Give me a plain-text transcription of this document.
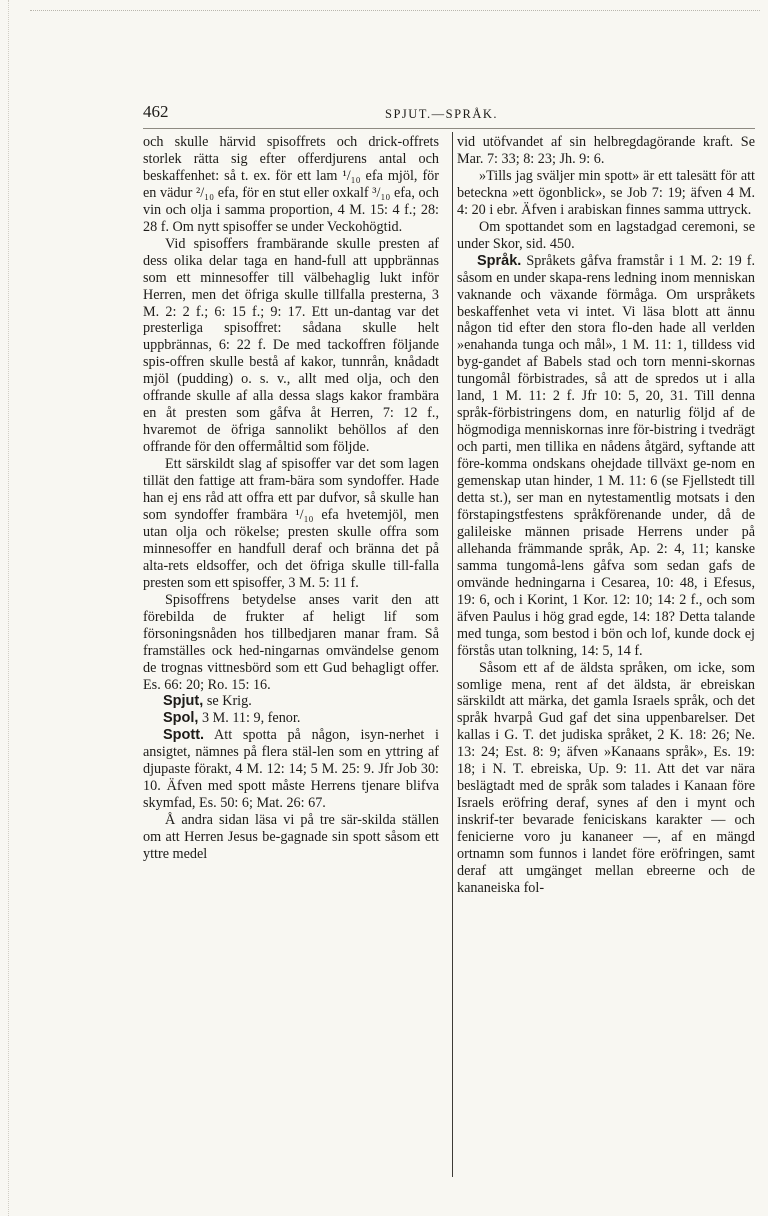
462	SPJUT.—SPRÅK.

och skulle härvid spisoffrets och drick-offrets storlek rätta sig efter offerdjurens antal och beskaffenhet: så t. ex. för ett lam ¹/₁₀ efa mjöl, för en vädur ²/₁₀ efa, för en stut eller oxkalf ³/₁₀ efa, och vin och olja i samma proportion, 4 M. 15: 4 f.; 28: 28 f. Om nytt spisoffer se under Veckohögtid.

Vid spisoffers frambärande skulle presten af dess olika delar taga en hand-full att uppbrännas som ett minnesoffer till välbehaglig lukt inför Herren, men det öfriga skulle tillfalla presterna, 3 M. 2: 2 f.; 6: 15 f.; 9: 17. Ett un-dantag var det presterliga spisoffret: sådana skulle helt uppbrännas, 6: 22 f. De med tackoffren följande spis-offren skulle bestå af kakor, tunnrån, knådadt mjöl (pudding) o. s. v., allt med olja, och den offrande skulle af alla dessa slags kakor frambära en åt presten som gåfva åt Herren, 7: 12 f., hvaremot de öfriga sannolikt behöllos af den offrande för den offermåltid som följde.

Ett särskildt slag af spisoffer var det som lagen tillät den fattige att fram-bära som syndoffer. Hade han ej ens råd att offra ett par dufvor, så skulle han som syndoffer frambära ¹/₁₀ efa hvetemjöl, men utan olja och rökelse; presten skulle offra som minnesoffer en handfull deraf och bränna det på alta-rets eldsoffer, och det öfriga skulle till-falla presten som ett spisoffer, 3 M. 5: 11 f.

Spisoffrens betydelse anses varit den att förebilda de frukter af heligt lif som försoningsnåden hos tillbedjaren manar fram. Så framställes ock hed-ningarnas omvändelse genom de trognas vittnesbörd som ett Gud behagligt offer. Es. 66: 20; Ro. 15: 16.

Spjut, se Krig.

Spol, 3 M. 11: 9, fenor.

Spott. Att spotta på någon, isyn-nerhet i ansigtet, nämnes på flera stäl-len som en yttring af djupaste förakt, 4 M. 12: 14; 5 M. 25: 9. Jfr Job 30: 10. Äfven med spott måste Herrens tjenare blifva skymfad, Es. 50: 6; Mat. 26: 67.

Å andra sidan läsa vi på tre sär-skilda ställen om att Herren Jesus be-gagnade sin spott såsom ett yttre medel

vid utöfvandet af sin helbregdagörande kraft. Se Mar. 7: 33; 8: 23; Jh. 9: 6.

»Tills jag sväljer min spott» är ett talesätt för att beteckna »ett ögonblick», se Job 7: 19; äfven 4 M. 4: 20 i ebr. Äfven i arabiskan finnes samma uttryck.

Om spottandet som en lagstadgad ceremoni, se under Skor, sid. 450.

Språk. Språkets gåfva framstår i 1 M. 2: 19 f. såsom en under skapa-rens ledning inom menniskan vaknande och växande förmåga. Om urspråkets beskaffenhet veta vi intet. Vi läsa blott att ännu någon tid efter den stora flo-den hade all verlden »enahanda tunga och mål», 1 M. 11: 1, tilldess vid byg-gandet af Babels stad och torn menni-skornas tungomål förbistrades, så att de spredos ut i alla land, 1 M. 11: 2 f. Jfr 10: 5, 20, 31. Till denna språk-förbistringens dom, en naturlig följd af de högmodiga menniskornas inre för-bistring i tvedrägt och parti, men tillika en nådens åtgärd, syftande att före-komma ondskans ohejdade tillväxt ge-nom en gemenskap utan hinder, 1 M. 11: 6 (se Fjellstedt till detta st.), ser man en nytestamentlig motsats i den förstapingstfestens språkförenande under, då de galileiske männen prisade Herrens under på allehanda främmande språk, Ap. 2: 4, 11; kanske samma tungomå-lens gåfva som sedan gafs de omvände hedningarna i Cesarea, 10: 48, i Efesus, 19: 6, och i Korint, 1 Kor. 12: 10; 14: 2 f., och som äfven Paulus i hög grad egde, 14: 18? Detta talande med tunga, som bestod i bön och lof, kunde dock ej förstås utan tolkning, 14: 5, 14 f.

Såsom ett af de äldsta språken, om icke, som somlige mena, rent af det äldsta, är ebreiskan särskildt att märka, det gamla Israels språk, och det språk hvarpå Gud gaf det sina uppenbarelser. Det kallas i G. T. det judiska språket, 2 K. 18: 26; Ne. 13: 24; Est. 8: 9; äfven »Kanaans språk», Es. 19: 18; i N. T. ebreiska, Up. 9: 11. Att det var nära beslägtadt med de språk som talades i Kanaan före Israels eröfring deraf, synes af den i mynt och inskrif-ter bevarade feniciskans karakter — och fenicierne voro ju kananeer —, af en mängd ortnamn som funnos i landet före eröfringen, samt deraf att umgänget mellan ebreerne och de kananeiska fol-
